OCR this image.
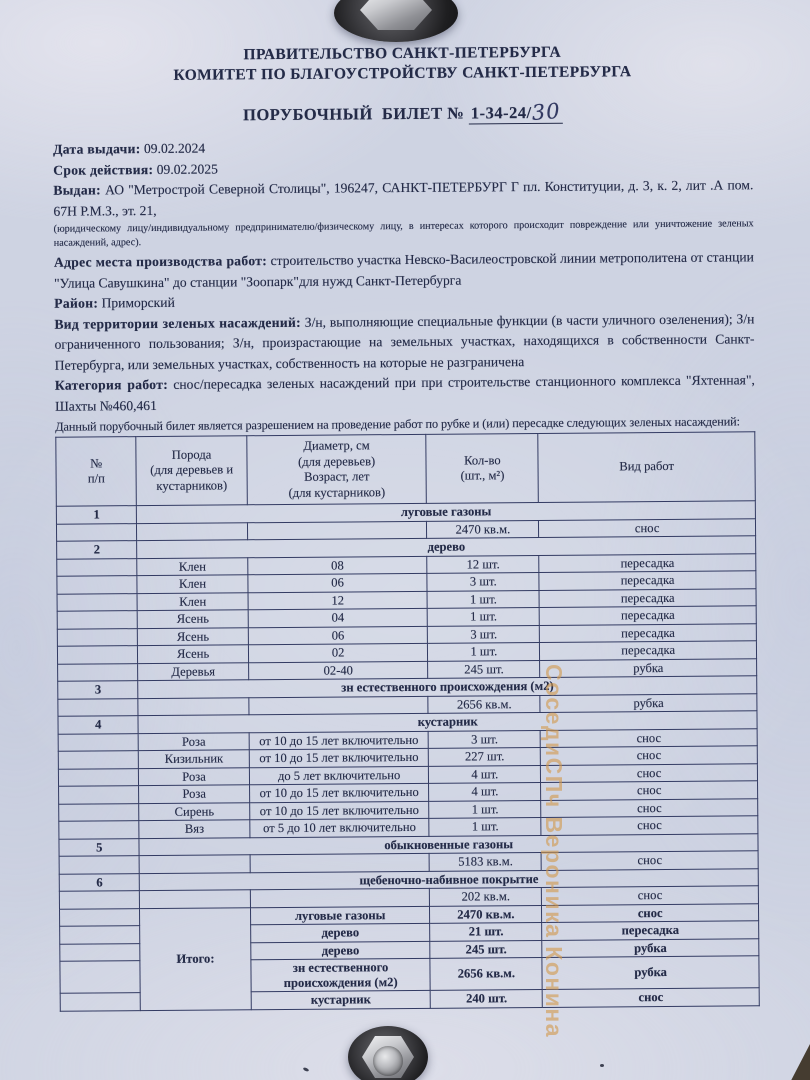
ПРАВИТЕЛЬСТВО САНКТ-ПЕТЕРБУРГА
КОМИТЕТ ПО БЛАГОУСТРОЙСТВУ САНКТ-ПЕТЕРБУРГА
ПОРУБОЧНЫЙ  БИЛЕТ № 1-34-24/30

Дата выдачи: 09.02.2024

Срок действия: 09.02.2025

Выдан: АО "Метрострой Северной Столицы", 196247, САНКТ-ПЕТЕРБУРГ Г пл. Конституции, д. 3, к. 2, лит .А пом. 67Н Р.М.З., эт. 21,

(юридическому лицу/индивидуальному предпринимателю/физическому лицу, в интересах которого происходит повреждение или уничтожение зеленых насаждений, адрес).

Адрес места производства работ: строительство участка Невско-Василеостровской линии метрополитена от станции "Улица Савушкина" до станции "Зоопарк"для нужд Санкт-Петербурга

Район: Приморский

Вид территории зеленых насаждений: З/н, выполняющие специальные функции (в части уличного озеленения); З/н ограниченного пользования; З/н, произрастающие на земельных участках, находящихся в собственности Санкт-Петербурга, или земельных участках, собственность на которые не разграничена

Категория работ: снос/пересадка зеленых насаждений при при строительстве станционного комплекса "Яхтенная", Шахты №460,461

Данный порубочный билет является разрешением на проведение работ по рубке и (или) пересадке следующих зеленых насаждений:

№
п/п	Порода
(для деревьев и
кустарников)	Диаметр, см
(для деревьев)
Возраст, лет
(для кустарников)	Кол-во
(шт., м²)	Вид работ
1	луговые газоны			
			2470 кв.м.	снос
2	дерево			
	Клен	08	12 шт.	пересадка
	Клен	06	3 шт.	пересадка
	Клен	12	1 шт.	пересадка
	Ясень	04	1 шт.	пересадка
	Ясень	06	3 шт.	пересадка
	Ясень	02	1 шт.	пересадка
	Деревья	02-40	245 шт.	рубка
3	зн естественного происхождения (м2)			
			2656 кв.м.	рубка
4	кустарник			
	Роза	от 10 до 15 лет включительно	3 шт.	снос
	Кизильник	от 10 до 15 лет включительно	227 шт.	снос
	Роза	до 5 лет включительно	4 шт.	снос
	Роза	от 10 до 15 лет включительно	4 шт.	снос
	Сирень	от 10 до 15 лет включительно	1 шт.	снос
	Вяз	от 5 до 10 лет включительно	1 шт.	снос
5	обыкновенные газоны			
			5183 кв.м.	снос
6	щебеночно-набивное покрытие			
			202 кв.м.	снос
	Итого:	луговые газоны	2470 кв.м.	снос
		дерево	21 шт.	пересадка
		дерево	245 шт.	рубка
		зн естественного происхождения (м2)	2656 кв.м.	рубка
		кустарник	240 шт.	снос
СоседиСПч Вероника Конина
